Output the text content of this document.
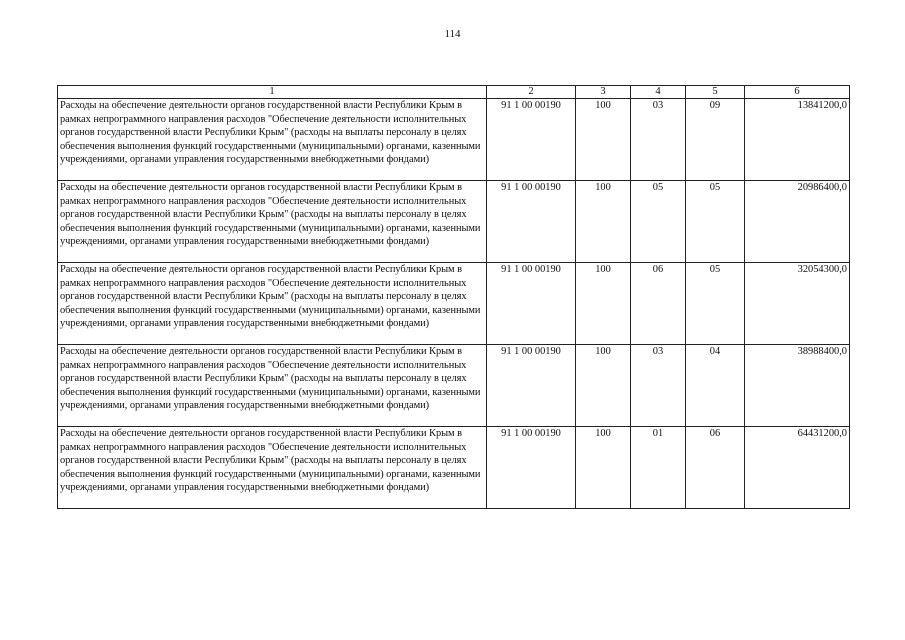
114
1	2	3	4	5	6
Расходы на обеспечение деятельности органов государственной власти Республики Крым в рамках непрограммного направления расходов "Обеспечение деятельности исполнительных органов государственной власти Республики Крым" (расходы на выплаты персоналу в целях обеспечения выполнения функций государственными (муниципальными) органами, казенными учреждениями, органами управления государственными внебюджетными фондами)	91 1 00 00190	100	03	09	13841200,0
Расходы на обеспечение деятельности органов государственной власти Республики Крым в рамках непрограммного направления расходов "Обеспечение деятельности исполнительных органов государственной власти Республики Крым" (расходы на выплаты персоналу в целях обеспечения выполнения функций государственными (муниципальными) органами, казенными учреждениями, органами управления государственными внебюджетными фондами)	91 1 00 00190	100	05	05	20986400,0
Расходы на обеспечение деятельности органов государственной власти Республики Крым в рамках непрограммного направления расходов "Обеспечение деятельности исполнительных органов государственной власти Республики Крым" (расходы на выплаты персоналу в целях обеспечения выполнения функций государственными (муниципальными) органами, казенными учреждениями, органами управления государственными внебюджетными фондами)	91 1 00 00190	100	06	05	32054300,0
Расходы на обеспечение деятельности органов государственной власти Республики Крым в рамках непрограммного направления расходов "Обеспечение деятельности исполнительных органов государственной власти Республики Крым" (расходы на выплаты персоналу в целях обеспечения выполнения функций государственными (муниципальными) органами, казенными учреждениями, органами управления государственными внебюджетными фондами)	91 1 00 00190	100	03	04	38988400,0
Расходы на обеспечение деятельности органов государственной власти Республики Крым в рамках непрограммного направления расходов "Обеспечение деятельности исполнительных органов государственной власти Республики Крым" (расходы на выплаты персоналу в целях обеспечения выполнения функций государственными (муниципальными) органами, казенными учреждениями, органами управления государственными внебюджетными фондами)	91 1 00 00190	100	01	06	64431200,0
